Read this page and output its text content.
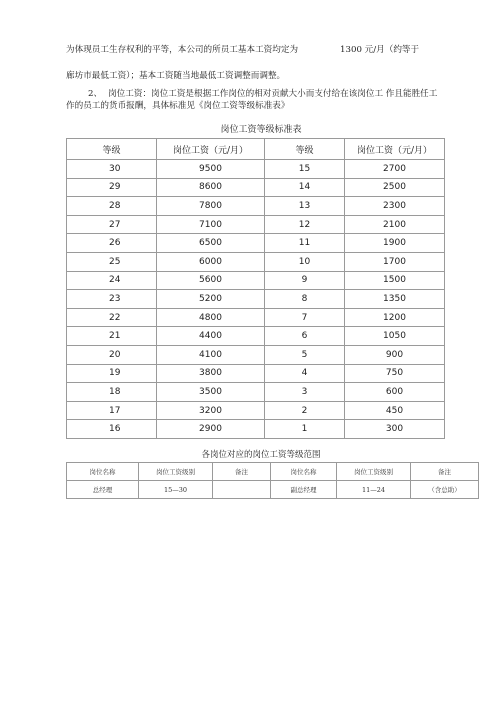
为体现员工生存权利的平等，本公司的所员工基本工资均定为	1300 元/月（约等于
廊坊市最低工资）；基本工资随当地最低工资调整而调整。
2、 岗位工资：岗位工资是根据工作岗位的相对贡献大小而支付给在该岗位工 作且能胜任工
作的员工的货币报酬，具体标准见《岗位工资等级标准表》
岗位工资等级标准表
等级	岗位工资（元/月）	等级	岗位工资（元/月）
30	9500	15	2700
29	8600	14	2500
28	7800	13	2300
27	7100	12	2100
26	6500	11	1900
25	6000	10	1700
24	5600	9	1500
23	5200	8	1350
22	4800	7	1200
21	4400	6	1050
20	4100	5	900
19	3800	4	750
18	3500	3	600
17	3200	2	450
16	2900	1	300
各岗位对应的岗位工资等级范围
岗位名称	岗位工资级别	备注	岗位名称	岗位工资级别	备注
总经理	15—30		副总经理	11—24	（含总助）
